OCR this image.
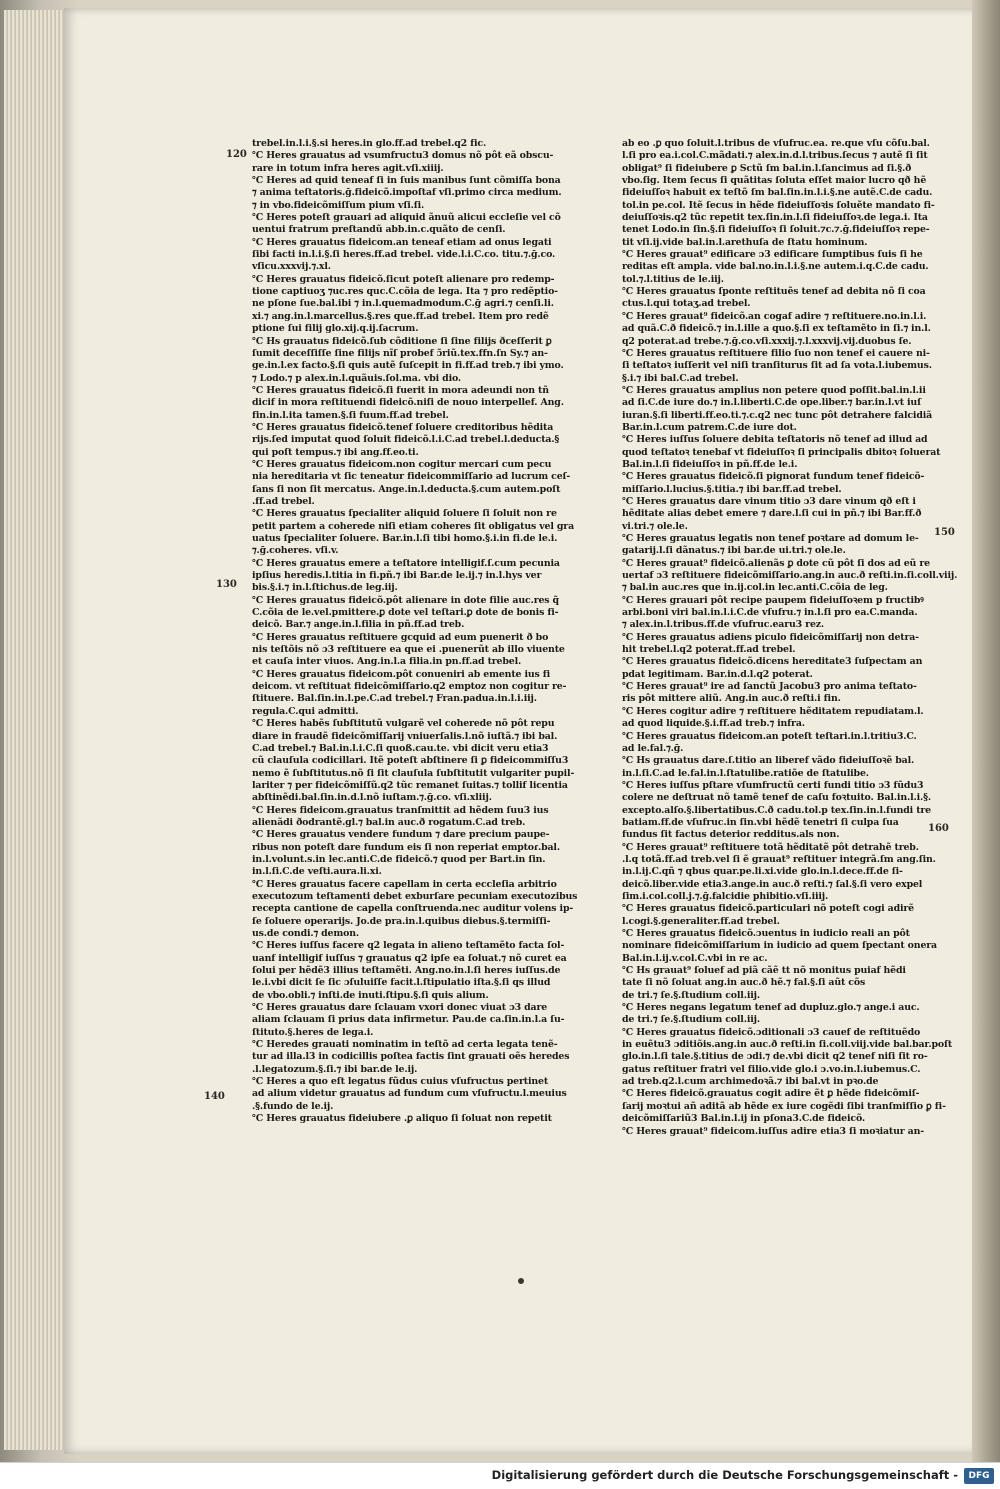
120
130
140
150
160

trebel.in.l.i.§.si heres.in glo.ff.ad trebel.q2 fic.

℃ Heres grauatus ad vsumfructu3 domus nõ pôt eã obscu-

rare in totum infra heres agit.vſi.xiiij.

℃ Heres ad quid teneaf ſi in ſuis manibus ſunt cõmiſſa bona

⁊ anima teſtatoris.ḡ.fideicõ.impoſtaf vſi.primo circa medium.

⁊ in vbo.fideicõmiſſum pium vſi.ſi.

℃ Heres poteſt grauari ad aliquid ãnuũ alicui eccleſie vel cõ

uentui fratrum preſtandũ abb.in.c.quãto de cenſi.

℃ Heres grauatus fideicom.an teneaf etiam ad onus legati

ſibi facti in.l.i.§.ſi heres.ff.ad trebel. vide.l.i.C.co. titu.⁊.ḡ.co.

vſicu.xxxvij.⁊.xl.

℃ Heres grauatus fideicõ.ſicut poteſt alienare pro redemp-

tione captiuoʒ ⁊uc.res quc.C.cõia de lega. Ita ⁊ pro redẽptio-

ne pſone ſue.bal.ibi ⁊ in.l.quemadmodum.C.ḡ agri.⁊ cenſi.li.

xi.⁊ ang.in.l.marcellus.§.res que.ff.ad trebel. Item pro redẽ

ptione ſui filij glo.xij.q.ij.ſacrum.

℃ Hs grauatus fideicõ.ſub cõditione ſi ſine filijs ðceſſerit ꝑ

ſumit deceſſiſſe ſine filijs nĩſ probef ɔ̃riũ.tex.ffn.ſn Sy.⁊ an-

ge.in.l.ex facto.§.ſi quis autẽ ſuſcepit in fi.ff.ad treb.⁊ ibi ymo.

⁊ Lodo.⁊ p alex.in.l.quãuis.ſol.ma. vbi dio.

℃ Heres grauatus fideicõ.ſi fuerit in mora adeundi non tñ

dicif in mora reſtituendi fideicõ.niſi de nouo interpellef. Ang.

fin.in.l.ita tamen.§.ſi fuum.ff.ad trebel.

℃ Heres grauatus fideicõ.tenef ſoluere creditoribus hẽdita

rijs.ſed imputat quod ſoluit fideicõ.l.i.C.ad trebel.l.deducta.§

qui poſt tempus.⁊ ibi ang.ff.eo.ti.

℃ Heres grauatus fideicom.non cogitur mercari cum pecu

nia hereditaria vt ſic teneatur fideicommiſſario ad lucrum ceſ-

ſans ſi non ſit mercatus. Ange.in.l.deducta.§.cum autem.poſt

.ff.ad trebel.

℃ Heres grauatus ſpecialiter aliquid ſoluere ſi ſoluit non re

petit partem a coherede niſi etiam coheres ſit obligatus vel gra

uatus ſpecialiter ſoluere. Bar.in.l.ſi tibi homo.§.i.in fi.de le.i.

⁊.ḡ.coheres. vſi.v.

℃ Heres grauatus emere a teſtatore intelligif.ſ.cum pecunia

ipſius heredis.l.titia in fi.pñ.⁊ ibi Bar.de le.ij.⁊ in.l.hys ver

bis.§.i.⁊ in.l.ſtichus.de leg.iij.

℃ Heres grauatus fideicõ.pôt alienare in dote filie auc.res q̃

C.cõia de le.vel.pmittere.ꝑ dote vel teſtari.ꝑ dote de bonis fi-

deicõ. Bar.⁊ ange.in.l.filia in pñ.ff.ad treb.

℃ Heres grauatus reſtituere gcquid ad eum puenerit ð bo

nis teſtõis nõ ɔ3 reſtituere ea que ei .puenerũt ab illo viuente

et cauſa inter viuos. Ang.in.l.a filia.in pn.ff.ad trebel.

℃ Heres grauatus fideicom.pôt conueniri ab emente ius fi

deicom. vt reſtituat fideicõmiſſario.q2 emptoz non cogitur re-

ſtituere. Bal.ſin.in.l.pe.C.ad trebel.⁊ Fran.padua.in.l.i.iij.

regula.C.qui admitti.

℃ Heres habẽs ſubſtitutũ vulgarẽ vel coherede nõ pôt repu

diare in fraudẽ fideicõmiſſarij vniuerſalis.l.nõ iuſtã.⁊ ibi bal.

C.ad trebel.⁊ Bal.in.l.i.C.ſi quoß.cau.te. vbi dicit veru etia3

cũ clauſula codicillari. Itẽ poteſt abſtinere ſi ꝑ fideicommiſſu3

nemo ẽ ſubſtitutus.nõ ſi ſit clauſula ſubſtitutit vulgariter pupil-

lariter ⁊ per fideicõmiſſũ.q2 tũc remanet ſuitas.⁊ tollif licentia

abſtinẽdi.bal.ſin.in.d.l.nõ iuſtam.⁊.ḡ.co. vſi.xliij.

℃ Heres fideicom.grauatus tranſmittit ad hẽdem ſuu3 ius

alienãdi ðodrantẽ.gl.⁊ bal.in auc.ð rogatum.C.ad treb.

℃ Heres grauatus vendere fundum ⁊ dare precium paupe-

ribus non poteſt dare fundum eis ſi non reperiat emptoɾ.bal.

in.l.volunt.s.in lec.anti.C.de fideicõ.⁊ quod per Bart.in ſin.

in.l.ſi.C.de veſti.aura.li.xi.

℃ Heres grauatus facere capellam in certa eccleſia arbitrio

executozum teſtamenti debet exburſare pecuniam executozibus

recepta cantione de capella conſtruenda.nec auditur volens ip-

ſe ſoluere operarijs. Jo.de pra.in.l.quibus diebus.§.termiſſi-

us.de condi.⁊ demon.

℃ Heres iuſſus facere q2 legata in alieno teſtamẽto facta ſol-

uanf intelligif iuſſus ⁊ grauatus q2 ipſe ea ſoluat.⁊ nõ curet ea

ſolui per hẽdẽ3 illius teſtamẽti. Ang.no.in.l.ſi heres iuſſus.de

le.i.vbi dicit ſe ſic ɔſuluiſſe facit.l.ſtipulatio iſta.§.ſi qs illud

de vbo.obli.⁊ inſti.de inuti.ſtipu.§.ſi quis alium.

℃ Heres grauatus dare ſclauam vxori donec viuat ɔ3 dare

aliam ſclauam ſi prius data infirmetur. Pau.de ca.ſin.in.l.a ſu-

ſtituto.§.heres de lega.i.

℃ Heredes grauati nominatim in teſtõ ad certa legata tenẽ-

tur ad illa.l3 in codicillis poſtea factis ſint grauati oẽs heredes

.l.legatozum.§.ſi.⁊ ibi bar.de le.ij.

℃ Heres a quo eſt legatus fũdus cuius vſufructus pertinet

ad alium videtur grauatus ad fundum cum vſufructu.l.meuius

.§.fundo de le.ij.

℃ Heres grauatus fideiubere .ꝑ aliquo ſi ſoluat non repetit

ab eo .ꝑ quo ſoluit.l.tribus de vſufruc.ea. re.que vſu cõſu.bal.

l.ſi pro ea.i.col.C.mãdati.⁊ alex.in.d.l.tribus.ſecus ⁊ autẽ ſi ſit

obligat⁹ ſi fideiubere ꝑ Sctũ ſm bal.in.l.ſancimus ad ſi.§.ð

vbo.ſig. Item ſecus ſi quãtitas ſoluta eſſet maior lucro qð hẽ

fideiuſſoꝛ habuit ex teſtõ ſm bal.ſin.in.l.i.§.ne autẽ.C.de cadu.

tol.in pe.col. Itẽ ſecus in hẽde fideiuſſoꝛis ſoluẽte mandato fi-

deiuſſoꝛis.q2 tũc repetit tex.ſin.in.l.ſi fideiuſſoꝛ.de lega.i. Ita

tenet Lodo.in ſin.§.ſi fideiuſſoꝛ ſi ſoluit.⁊c.⁊.ḡ.fideiuſſoꝛ repe-

tit vſi.ij.vide bal.in.l.arethuſa de ſtatu hominum.

℃ Heres grauat⁹ edificare ɔ3 edificare ſumptibus ſuis ſi he

reditas eſt ampla. vide bal.no.in.l.i.§.ne autem.i.q.C.de cadu.

tol.⁊.l.titius de le.iij.

℃ Heres grauatus ſponte reſtituẽs tenef ad debita nõ ſi coa

ctus.l.qui totaʒ.ad trebel.

℃ Heres grauat⁹ fideicõ.an cogaf adire ⁊ reſtituere.no.in.l.i.

ad quã.C.ð fideicõ.⁊ in.l.ille a quo.§.ſi ex teſtamẽto in ſi.⁊ in.l.

q2 poterat.ad trebe.⁊.ḡ.co.vſi.xxxij.⁊.l.xxxvij.vij.duobus ſe.

℃ Heres grauatus reſtituere filio ſuo non tenef ei cauere ni-

ſi teſtatoꝛ iuſſerit vel niſi tranſiturus ſit ad ſa vota.l.iubemus.

§.i.⁊ ibi bal.C.ad trebel.

℃ Heres grauatus amplius non petere quod poſſit.bal.in.l.ii

ad ſi.C.de iure do.⁊ in.l.liberti.C.de ope.liber.⁊ bar.in.l.vt iuſ

iuran.§.ſi liberti.ff.eo.ti.⁊.c.q2 nec tunc pôt detrahere falcidiã

Bar.in.l.cum patrem.C.de iure dot.

℃ Heres iuſſus ſoluere debita teſtatoris nõ tenef ad illud ad

quod teſtatoꝛ tenebaf vt fideiuſſoꝛ ſi principalis dbitoꝛ ſoluerat

Bal.in.l.ſi fideiuſſoꝛ in pñ.ff.de le.i.

℃ Heres grauatus fideicõ.ſi pignorat fundum tenef fideicõ-

miſſario.l.lucius.§.titia.⁊ ibi bar.ff.ad trebel.

℃ Heres grauatus dare vinum titio ɔ3 dare vinum qð eſt i

hẽditate alias debet emere ⁊ dare.l.ſi cui in pñ.⁊ ibi Bar.ff.ð

vi.tri.⁊ ole.le.

℃ Heres grauatus legatis non tenef poꝛtare ad domum le-

gatarij.l.ſi dãnatus.⁊ ibi bar.de ui.tri.⁊ ole.le.

℃ Heres grauat⁹ fideicõ.alienãs ꝑ dote cũ pôt ſi dos ad eũ re

uertaf ɔ3 reſtituere fideicõmiſſario.ang.in auc.ð reſti.in.ſi.coll.viij.

⁊ bal.in auc.res que in.ij.col.in lec.anti.C.cõia de leg.

℃ Heres grauari pôt recipe paupem fideiuſſoꝛem p fructibꝰ

arbi.boni viri bal.in.l.i.C.de vſufru.⁊ in.l.ſi pro ea.C.manda.

⁊ alex.in.l.tribus.ff.de vſufruc.earu3 rez.

℃ Heres grauatus adiens piculo fideicõmiſſarij non detra-

hit trebel.l.q2 poterat.ff.ad trebel.

℃ Heres grauatus fideicõ.dicens hereditate3 ſuſpectam an

pdat legitimam. Bar.in.d.l.q2 poterat.

℃ Heres grauat⁹ ire ad ſanctũ Jacobu3 pro anima teſtato-

ris pôt mittere aliũ. Ang.in auc.ð reſti.i fin.

℃ Heres cogitur adire ⁊ reſtituere hẽditatem repudiatam.l.

ad quod liquide.§.i.ff.ad treb.⁊ infra.

℃ Heres grauatus fideicom.an poteſt teſtari.in.l.tritiu3.C.

ad le.fal.⁊.ḡ.

℃ Hs grauatus dare.ſ.titio an liberef vãdo fideiuſſoꝛẽ bal.

in.l.ſi.C.ad le.fal.in.l.ſtatulibe.ratiõe de ſtatulibe.

℃ Heres iuſſus pſtare vſumfructũ certi fundi titio ɔ3 fũdu3

colere ne deſtruat nõ tamẽ tenef de caſu foꝛtuito. Bal.in.l.i.§.

excepto.alſo.§.libertatibus.C.ð cadu.tol.p tex.ſin.in.l.fundi tre

batiam.ff.de vſufruc.in ſin.vbi hẽdẽ tenetri ſi culpa ſua

fundus ſit factus deterioɾ redditus.als non.

℃ Heres grauat⁹ reſtituere totã hẽditatẽ pôt detrahẽ treb.

.l.q totã.ff.ad treb.vel ſi ẽ grauat⁹ reſtituer integrã.ſm ang.ſin.

in.l.ij.C.qñ ⁊ qbus quar.pe.li.xi.vide glo.in.l.dece.ff.de ſi-

deicõ.liber.vide etia3.ange.in auc.ð reſti.⁊ ſal.§.ſi vero expel

ſim.i.col.coll.j.⁊.ḡ.falcidie phibitio.vſi.iiij.

℃ Heres grauatus fideicõ.particulari nõ poteſt cogi adirẽ

l.cogi.§.generaliter.ff.ad trebel.

℃ Heres grauatus fideicõ.ɔuentus in iudicio reali an pôt

nominare fideicõmiſſarium in iudicio ad quem ſpectant onera

Bal.in.l.ij.v.col.C.vbi in re ac.

℃ Hs grauat⁹ ſoluef ad piã cãẽ tt nõ monitus puiaf hẽdi

tate ſi nõ ſoluat ang.in auc.ð hẽ.⁊ fal.§.ſi aũt cõs

de tri.⁊ ſe.§.ſtudium coll.iij.

℃ Heres negans legatum tenef ad dupluz.glo.⁊ ange.i auc.

de tri.⁊ ſe.§.ſtudium coll.iij.

℃ Heres grauatus fideicõ.ɔditionali ɔ3 cauef de reſtituẽdo

in euẽtu3 ɔditiõis.ang.in auc.ð reſti.in ſi.coll.viij.vide bal.bar.poſt

glo.in.l.ſi tale.§.titius de ɔdi.⁊ de.vbi dicit q2 tenef niſi ſit ro-

gatus reſtituer fratri vel filio.vide glo.i ɔ.vo.in.l.iubemus.C.

ad treb.q2.l.cum archimedoꝛã.⁊ ibi bal.vt in pꝛo.de

℃ Heres fideicõ.grauatus cogit adire ẽt ꝑ hẽde fideicõmiſ-

ſarij moꝛtui añ aditã ab hẽde ex iure cogẽdi ſibi tranſmiſſio ꝑ fi-

deicõmiſſariũ3 Bal.in.l.ij in pſona3.C.de fideicõ.

℃ Heres grauat⁹ fideicom.iuſſus adire etia3 ſi moꝛiatur an-

Digitalisierung gefördert durch die Deutsche Forschungsgemeinschaft -	DFG
